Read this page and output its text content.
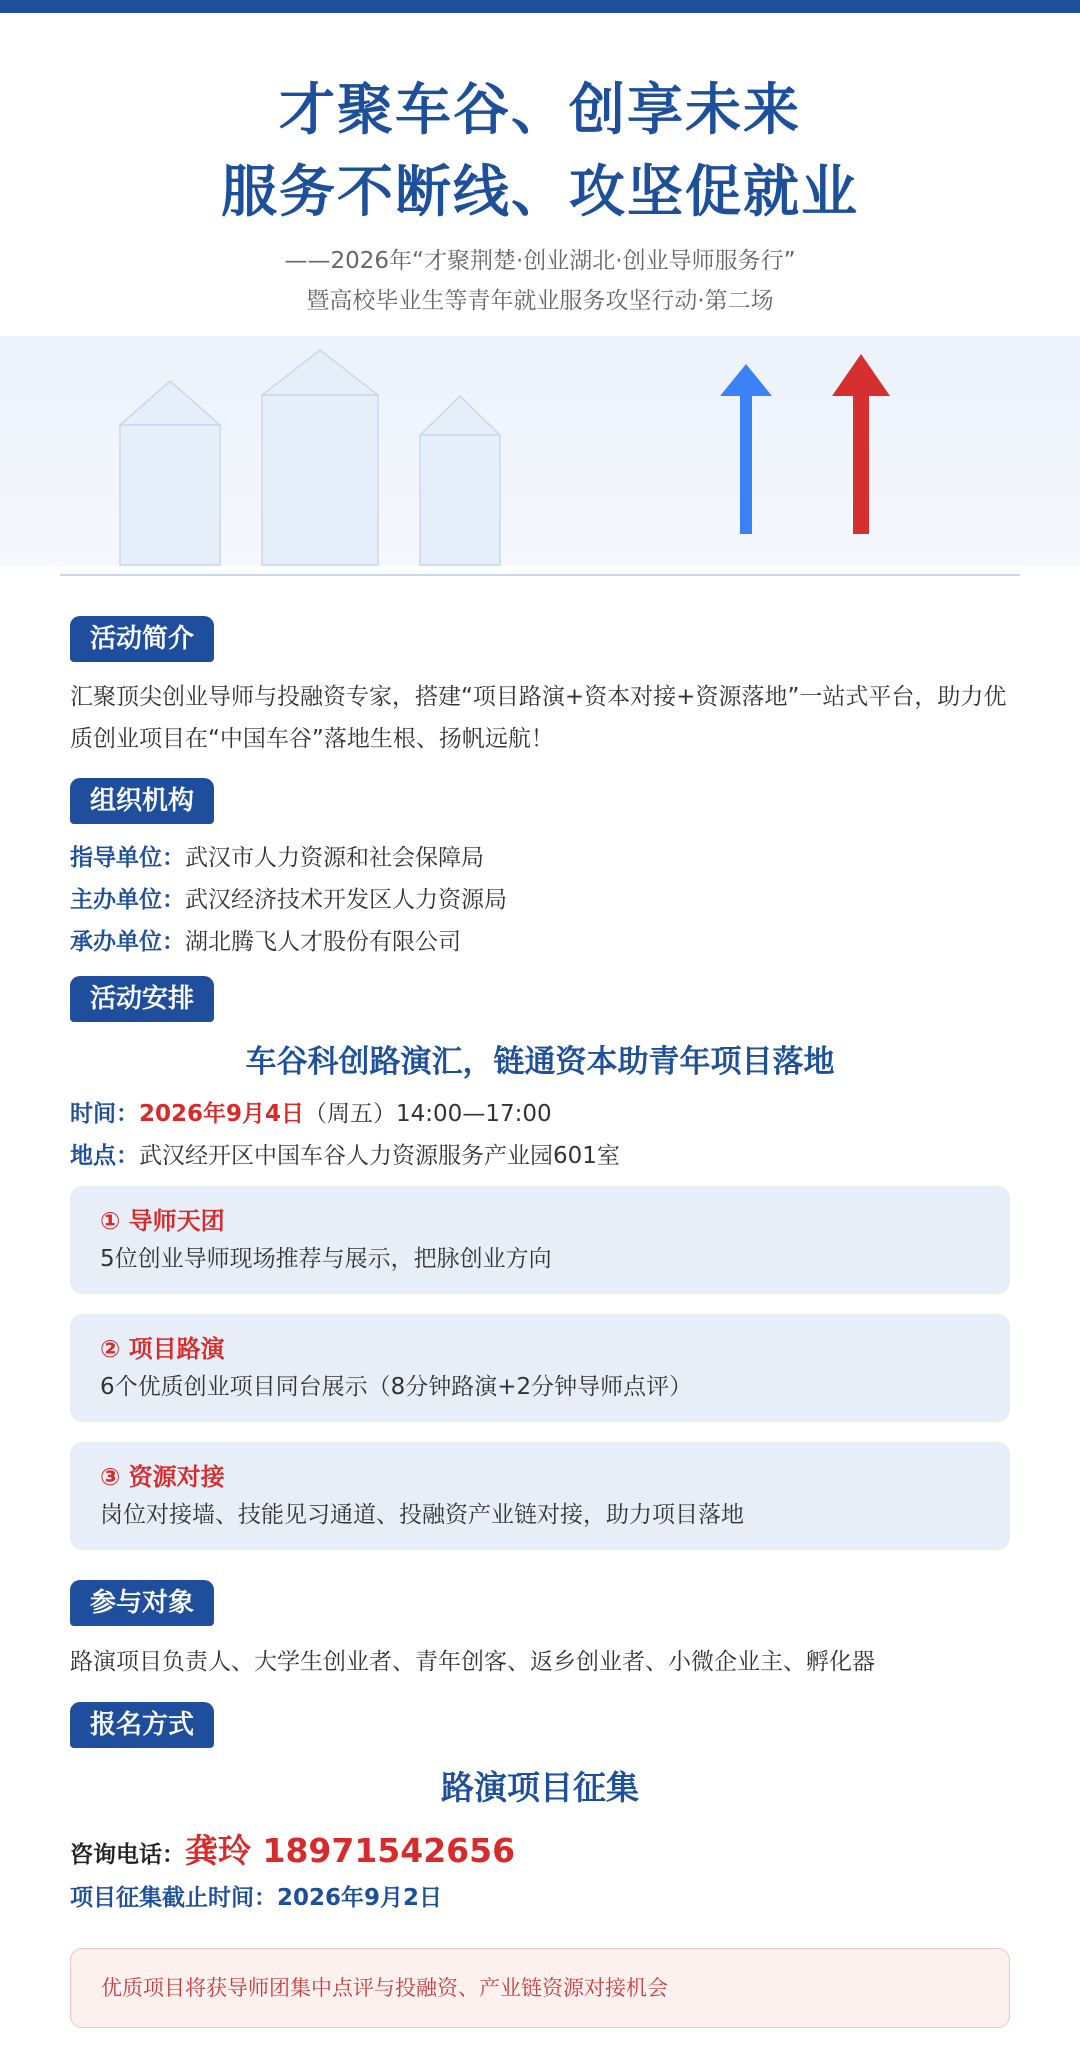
才聚车谷、创享未来
服务不断线、攻坚促就业
——2026年“才聚荆楚·创业湖北·创业导师服务行”
暨高校毕业生等青年就业服务攻坚行动·第二场
活动简介
汇聚顶尖创业导师与投融资专家，搭建“项目路演+资本对接+资源落地”一站式平台，助力优质创业项目在“中国车谷”落地生根、扬帆远航！
组织机构
指导单位：武汉市人力资源和社会保障局
主办单位：武汉经济技术开发区人力资源局
承办单位：湖北腾飞人才股份有限公司
活动安排
车谷科创路演汇，链通资本助青年项目落地
时间：2026年9月4日（周五）14:00—17:00
地点：武汉经开区中国车谷人力资源服务产业园601室
① 导师天团
5位创业导师现场推荐与展示，把脉创业方向
② 项目路演
6个优质创业项目同台展示（8分钟路演+2分钟导师点评）
③ 资源对接
岗位对接墙、技能见习通道、投融资产业链对接，助力项目落地
参与对象
路演项目负责人、大学生创业者、青年创客、返乡创业者、小微企业主、孵化器
报名方式
路演项目征集
咨询电话：龚玲 18971542656
项目征集截止时间：2026年9月2日
优质项目将获导师团集中点评与投融资、产业链资源对接机会
